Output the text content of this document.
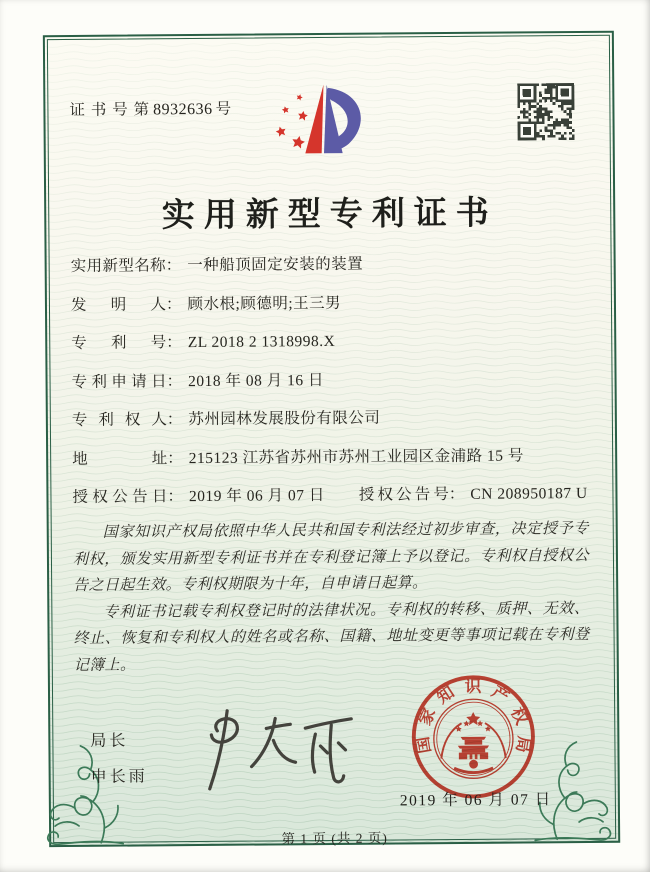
证 书 号 第 8932636 号
实用新型专利证书
实用新型名称 ： 一种船顶固定安装的装置
发明人 ： 顾水根;顾德明;王三男
专利号 ： ZL 2018 2 1318998.X
专利申请日 ： 2018 年 08 月 16 日
专利权人 ： 苏州园林发展股份有限公司
地址 ： 215123 江苏省苏州市苏州工业园区金浦路 15 号
授权公告日 ： 2019 年 06 月 07 日 授权公告号 ： CN 208950187 U

国家知识产权局依照中华人民共和国专利法经过初步审查，决定授予专利权，颁发实用新型专利证书并在专利登记簿上予以登记。专利权自授权公告之日起生效。专利权期限为十年，自申请日起算。

专利证书记载专利权登记时的法律状况。专利权的转移、质押、无效、终止、恢复和专利权人的姓名或名称、国籍、地址变更等事项记载在专利登记簿上。

局长
申长雨
国
家
知 识 产
权
局
2019 年 06 月 07 日
第 1 页 (共 2 页)
